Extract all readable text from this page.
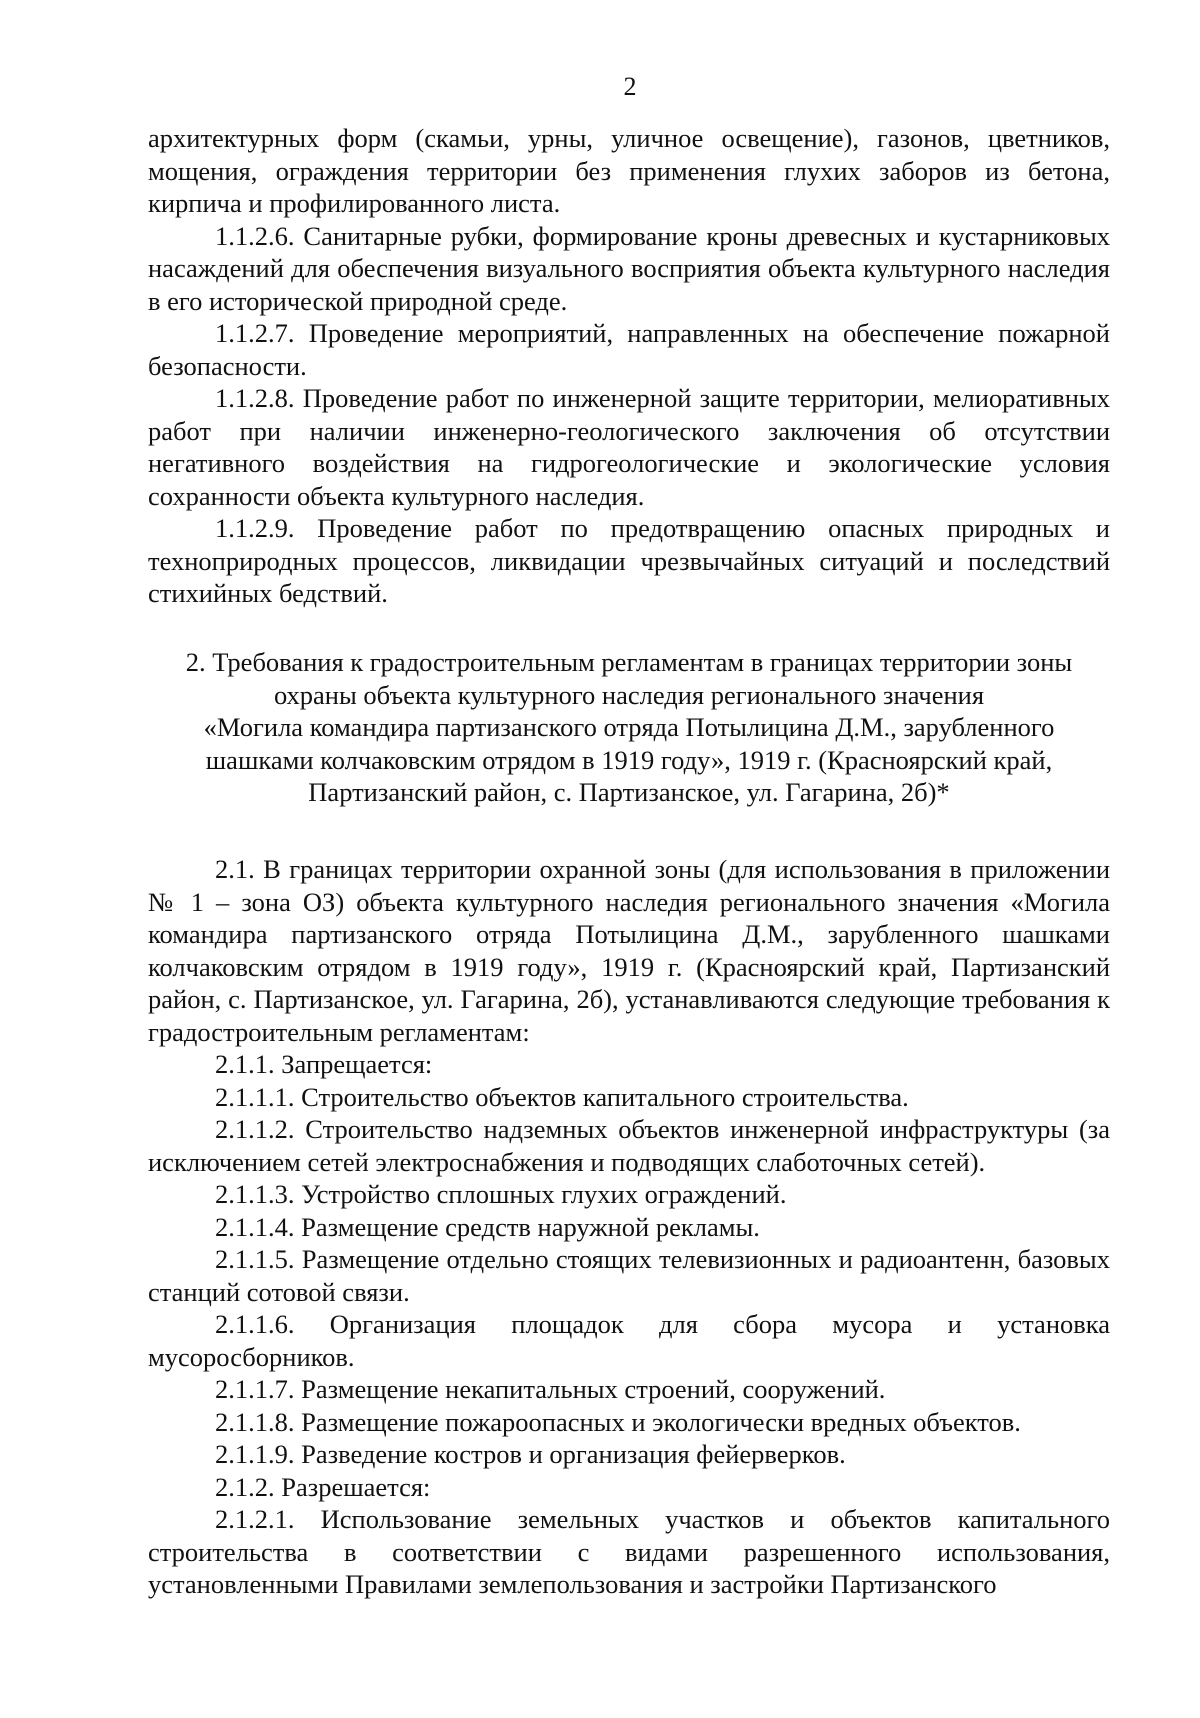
2

архитектурных форм (скамьи, урны, уличное освещение), газонов, цветников, мощения, ограждения территории без применения глухих заборов из бетона, кирпича и профилированного листа.

1.1.2.6. Санитарные рубки, формирование кроны древесных и кустарниковых насаждений для обеспечения визуального восприятия объекта культурного наследия в его исторической природной среде.

1.1.2.7. Проведение мероприятий, направленных на обеспечение пожарной безопасности.

1.1.2.8. Проведение работ по инженерной защите территории, мелиоративных работ при наличии инженерно-геологического заключения об отсутствии негативного воздействия на гидрогеологические и экологические условия сохранности объекта культурного наследия.

1.1.2.9. Проведение работ по предотвращению опасных природных и техноприродных процессов, ликвидации чрезвычайных ситуаций и последствий стихийных бедствий.

2. Требования к градостроительным регламентам в границах территории зоны
охраны объекта культурного наследия регионального значения
«Могила командира партизанского отряда Потылицина Д.М., зарубленного
шашками колчаковским отрядом в 1919 году», 1919 г. (Красноярский край,
Партизанский район, с. Партизанское, ул. Гагарина, 2б)*

2.1. В границах территории охранной зоны (для использования в приложении № 1 – зона ОЗ) объекта культурного наследия регионального значения «Могила командира партизанского отряда Потылицина Д.М., зарубленного шашками колчаковским отрядом в 1919 году», 1919 г. (Красноярский край, Партизанский район, с. Партизанское, ул. Гагарина, 2б), устанавливаются следующие требования к градостроительным регламентам:

2.1.1. Запрещается:

2.1.1.1. Строительство объектов капитального строительства.

2.1.1.2. Строительство надземных объектов инженерной инфраструктуры (за исключением сетей электроснабжения и подводящих слаботочных сетей).

2.1.1.3. Устройство сплошных глухих ограждений.

2.1.1.4. Размещение средств наружной рекламы.

2.1.1.5. Размещение отдельно стоящих телевизионных и радиоантенн, базовых станций сотовой связи.

2.1.1.6. Организация площадок для сбора мусора и установка мусоросборников.

2.1.1.7. Размещение некапитальных строений, сооружений.

2.1.1.8. Размещение пожароопасных и экологически вредных объектов.

2.1.1.9. Разведение костров и организация фейерверков.

2.1.2. Разрешается:

2.1.2.1. Использование земельных участков и объектов капитального строительства в соответствии с видами разрешенного использования, установленными Правилами землепользования и застройки Партизанского
